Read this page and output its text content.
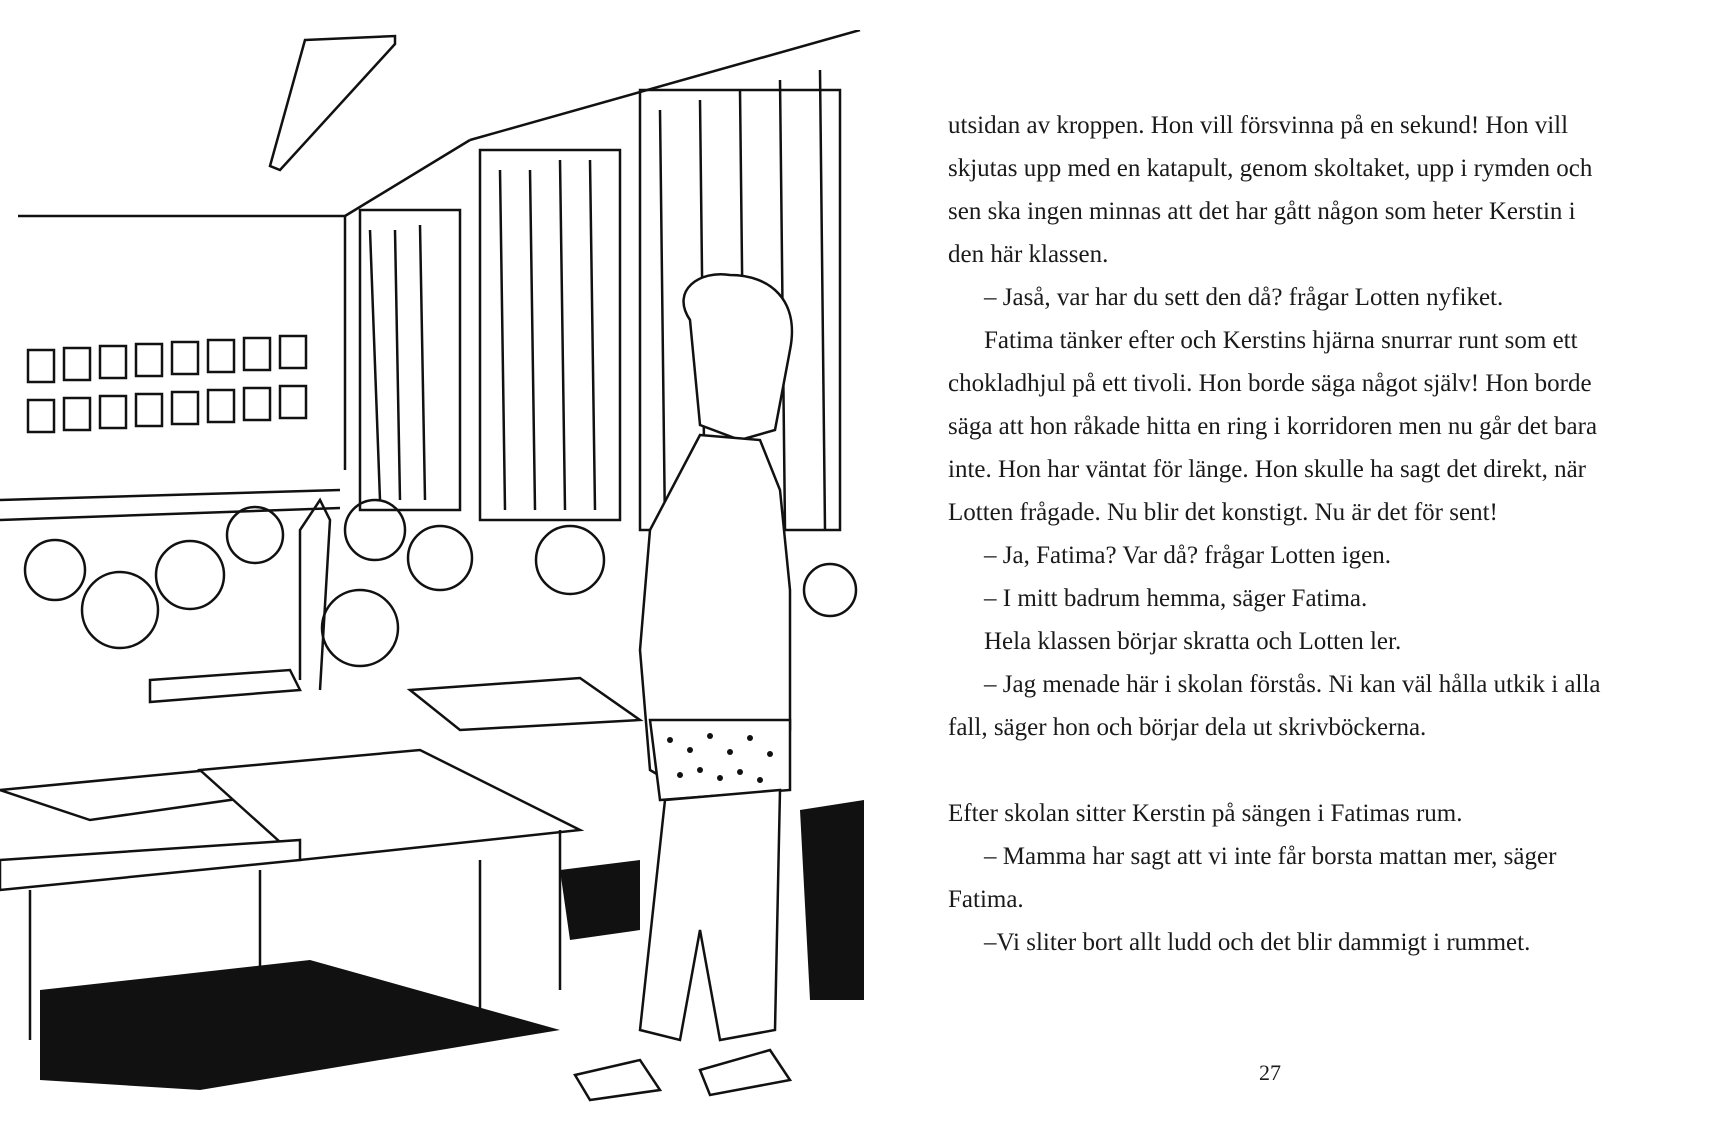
utsidan av kroppen. Hon vill försvinna på en sekund! Hon vill skjutas upp med en katapult, genom skoltaket, upp i rymden och sen ska ingen minnas att det har gått någon som heter Kerstin i den här klassen.

– Jaså, var har du sett den då? frågar Lotten nyfiket.

Fatima tänker efter och Kerstins hjärna snurrar runt som ett chokladhjul på ett tivoli. Hon borde säga något själv! Hon borde säga att hon råkade hitta en ring i korridoren men nu går det bara inte. Hon har väntat för länge. Hon skulle ha sagt det direkt, när Lotten frågade. Nu blir det konstigt. Nu är det för sent!

– Ja, Fatima? Var då? frågar Lotten igen.

– I mitt badrum hemma, säger Fatima.

Hela klassen börjar skratta och Lotten ler.

– Jag menade här i skolan förstås. Ni kan väl hålla utkik i alla fall, säger hon och börjar dela ut skrivböckerna.

Efter skolan sitter Kerstin på sängen i Fatimas rum.

– Mamma har sagt att vi inte får borsta mattan mer, säger Fatima.

–Vi sliter bort allt ludd och det blir dammigt i rummet.

27
